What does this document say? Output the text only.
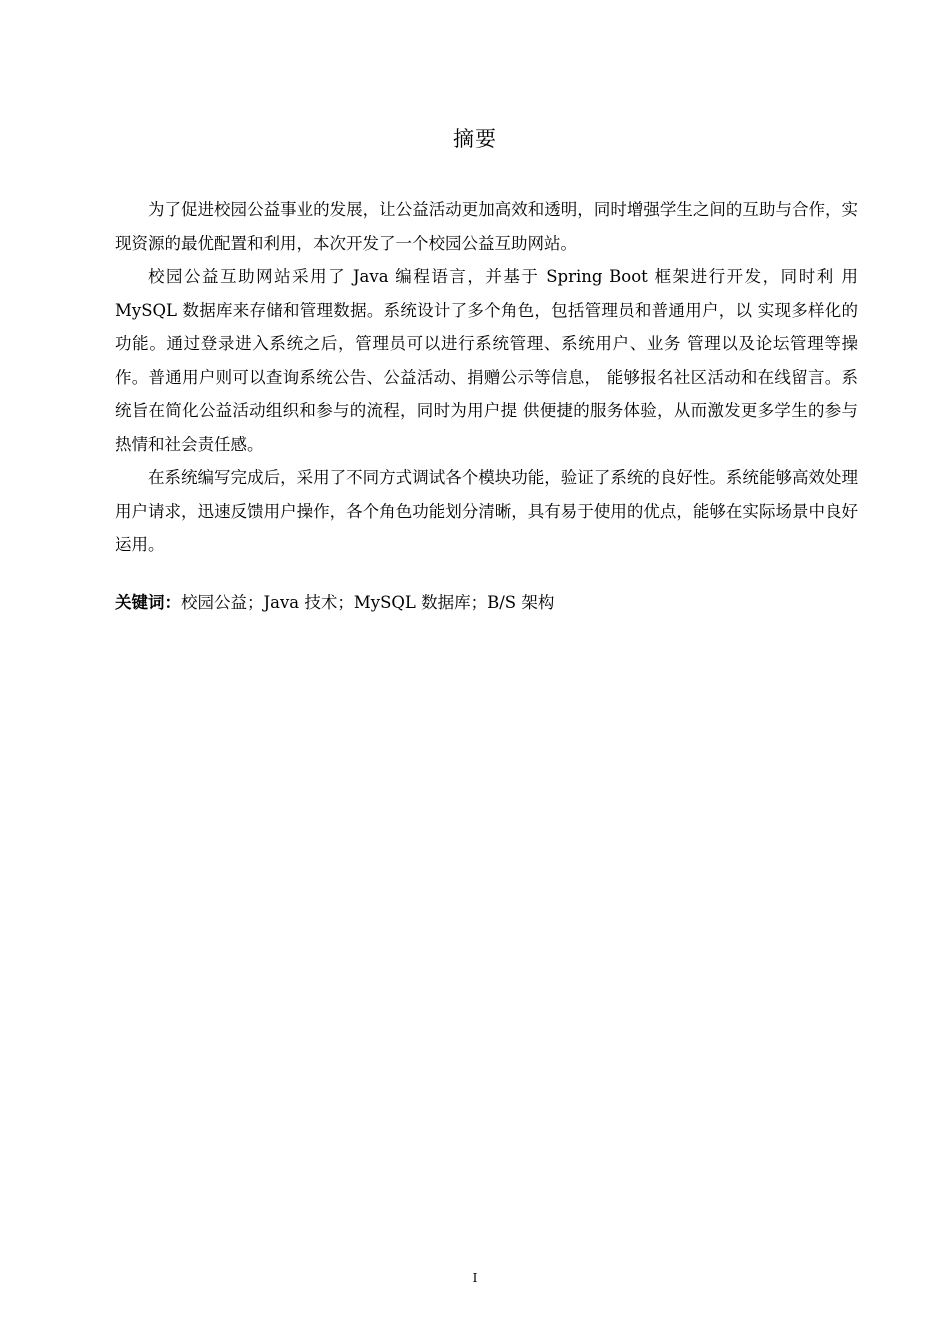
摘要

为了促进校园公益事业的发展，让公益活动更加高效和透明，同时增强学生之间的互助与合作，实现资源的最优配置和利用，本次开发了一个校园公益互助网站。

校园公益互助网站采用了 Java 编程语言，并基于 Spring Boot 框架进行开发，同时利 用 MySQL 数据库来存储和管理数据。系统设计了多个角色，包括管理员和普通用户，以 实现多样化的功能。通过登录进入系统之后，管理员可以进行系统管理、系统用户、业务 管理以及论坛管理等操作。普通用户则可以查询系统公告、公益活动、捐赠公示等信息， 能够报名社区活动和在线留言。系统旨在简化公益活动组织和参与的流程，同时为用户提 供便捷的服务体验，从而激发更多学生的参与热情和社会责任感。

在系统编写完成后，采用了不同方式调试各个模块功能，验证了系统的良好性。系统能够高效处理用户请求，迅速反馈用户操作，各个角色功能划分清晰，具有易于使用的优点，能够在实际场景中良好运用。

关键词：校园公益；Java 技术；MySQL 数据库；B/S 架构
I
